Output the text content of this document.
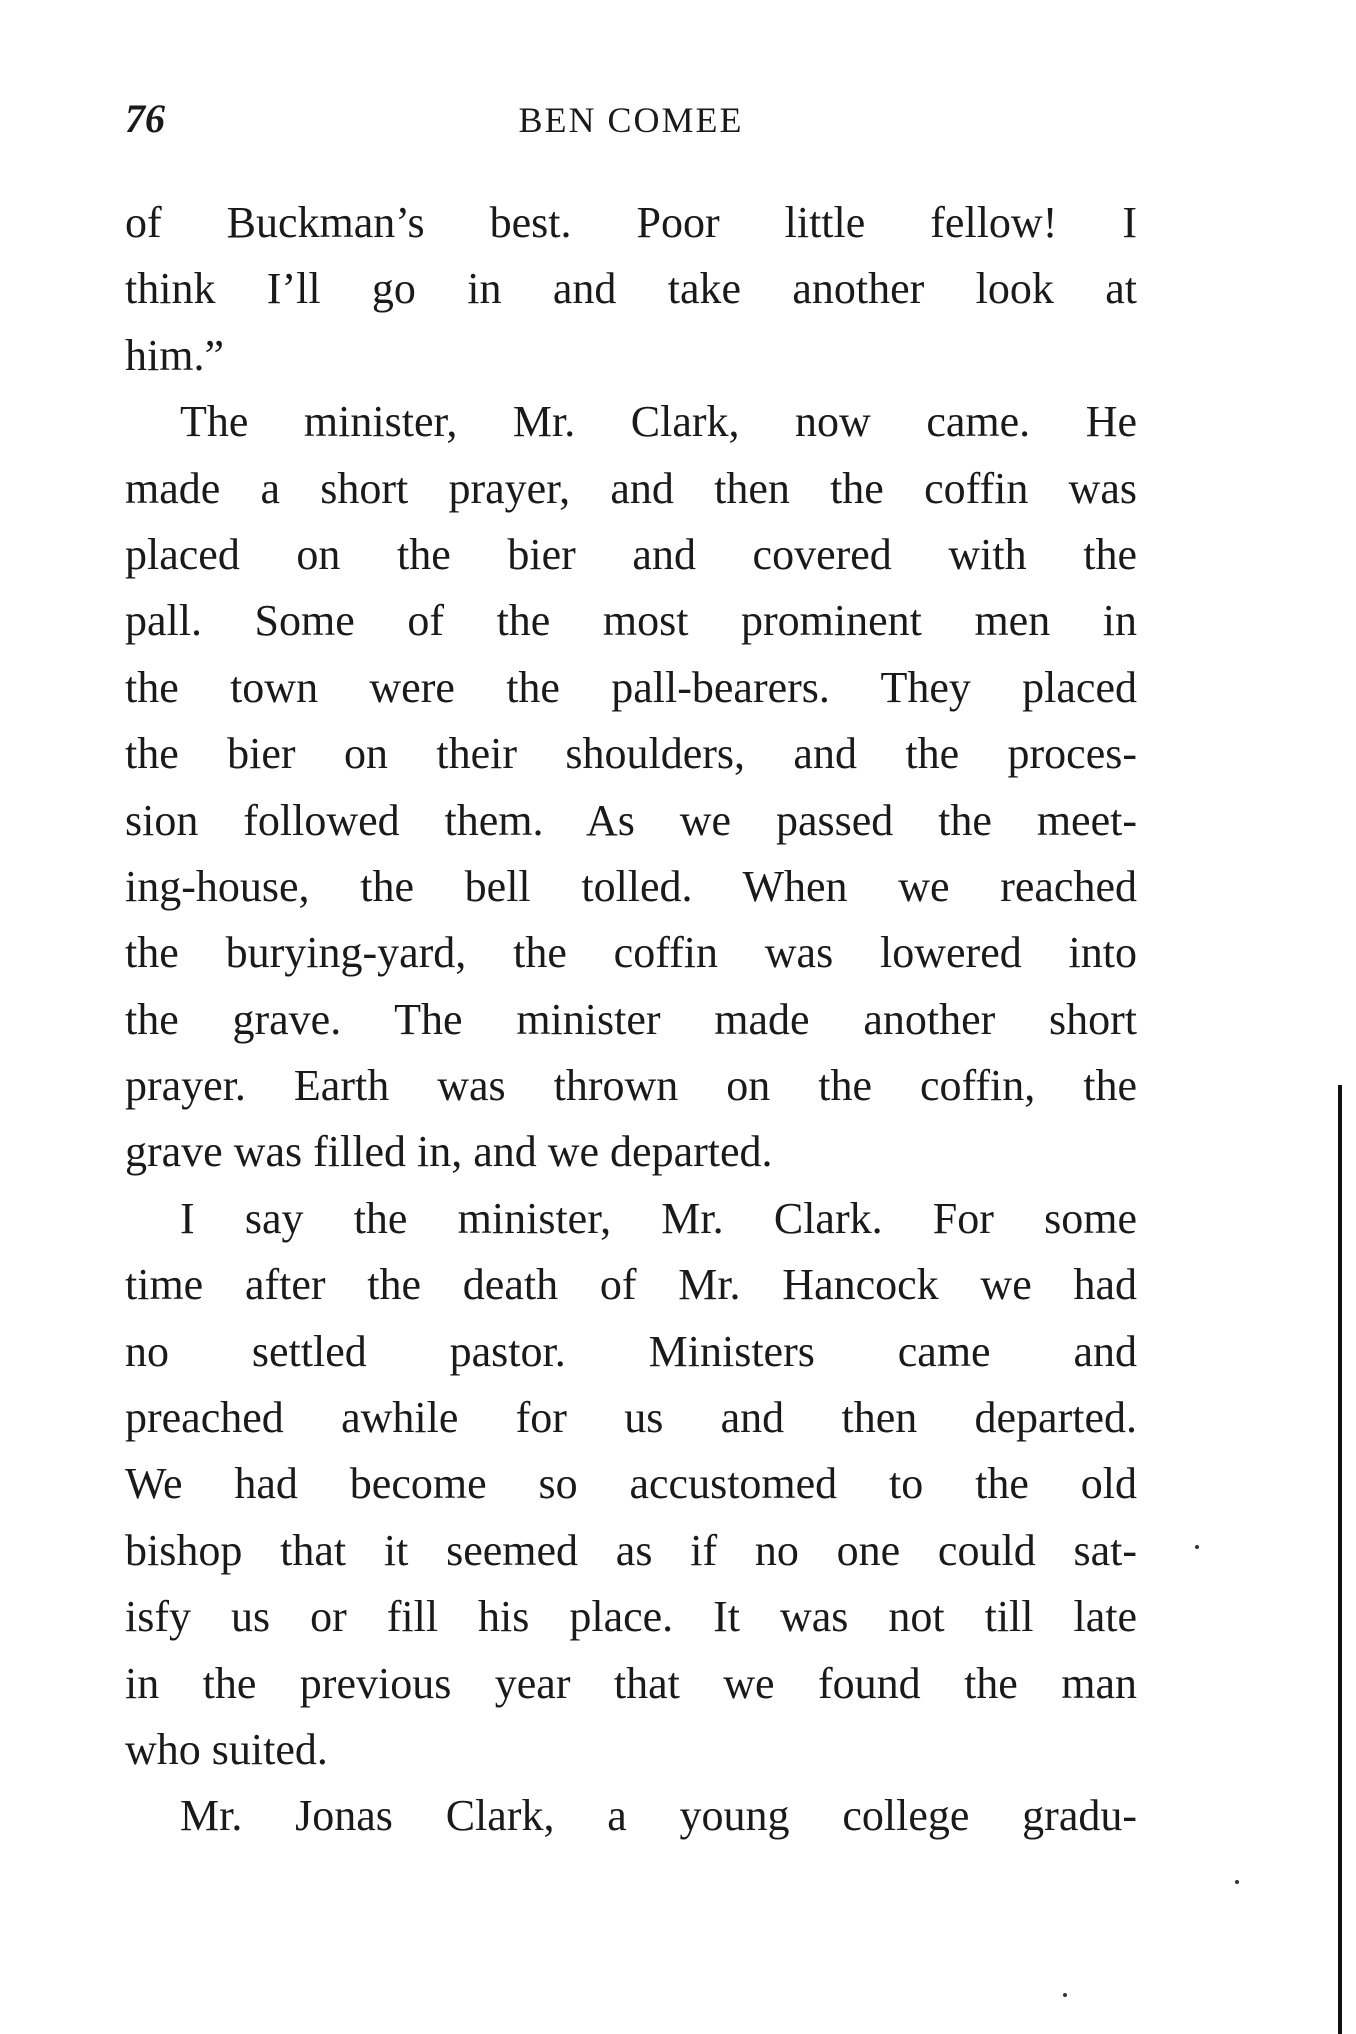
76	BEN COMEE
of Buckman’s best. Poor little fellow! I
think I’ll go in and take another look at
him.”
The minister, Mr. Clark, now came. He
made a short prayer, and then the coffin was
placed on the bier and covered with the
pall. Some of the most prominent men in
the town were the pall-bearers. They placed
the bier on their shoulders, and the proces-
sion followed them. As we passed the meet-
ing-house, the bell tolled. When we reached
the burying-yard, the coffin was lowered into
the grave. The minister made another short
prayer. Earth was thrown on the coffin, the
grave was filled in, and we departed.
I say the minister, Mr. Clark. For some
time after the death of Mr. Hancock we had
no settled pastor. Ministers came and
preached awhile for us and then departed.
We had become so accustomed to the old
bishop that it seemed as if no one could sat-
isfy us or fill his place. It was not till late
in the previous year that we found the man
who suited.
Mr. Jonas Clark, a young college gradu-
